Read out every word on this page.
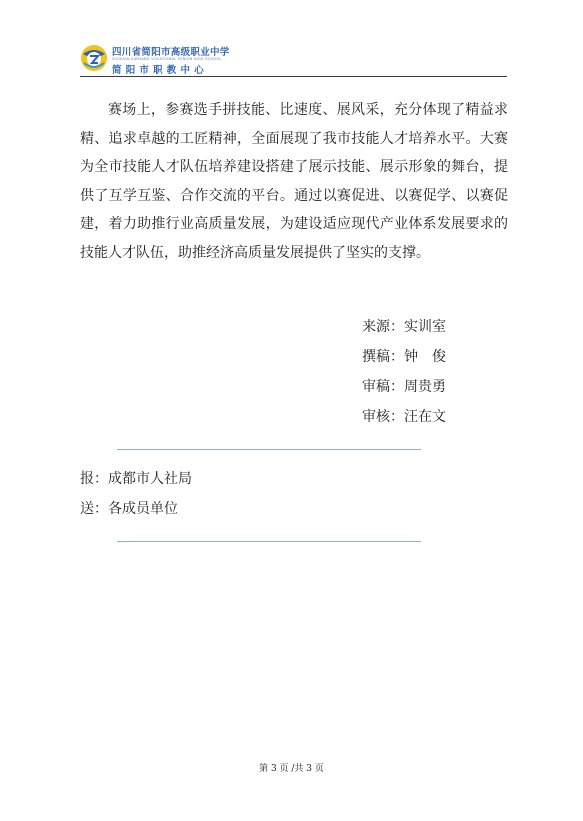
四川省简阳市高级职业中学
SICHUAN JIANYANG VOCATIONAL SENIOR HIGH SCHOOL
简阳市职教中心

赛场上，参赛选手拼技能、比速度、展风采，充分体现了精益求精、追求卓越的工匠精神，全面展现了我市技能人才培养水平。大赛为全市技能人才队伍培养建设搭建了展示技能、展示形象的舞台，提供了互学互鉴、合作交流的平台。通过以赛促进、以赛促学、以赛促建，着力助推行业高质量发展，为建设适应现代产业体系发展要求的技能人才队伍，助推经济高质量发展提供了坚实的支撑。

来源：实训室
撰稿：钟　俊
审稿：周贵勇
审核：汪在文
报：成都市人社局
送：各成员单位
第 3 页 /共 3 页
